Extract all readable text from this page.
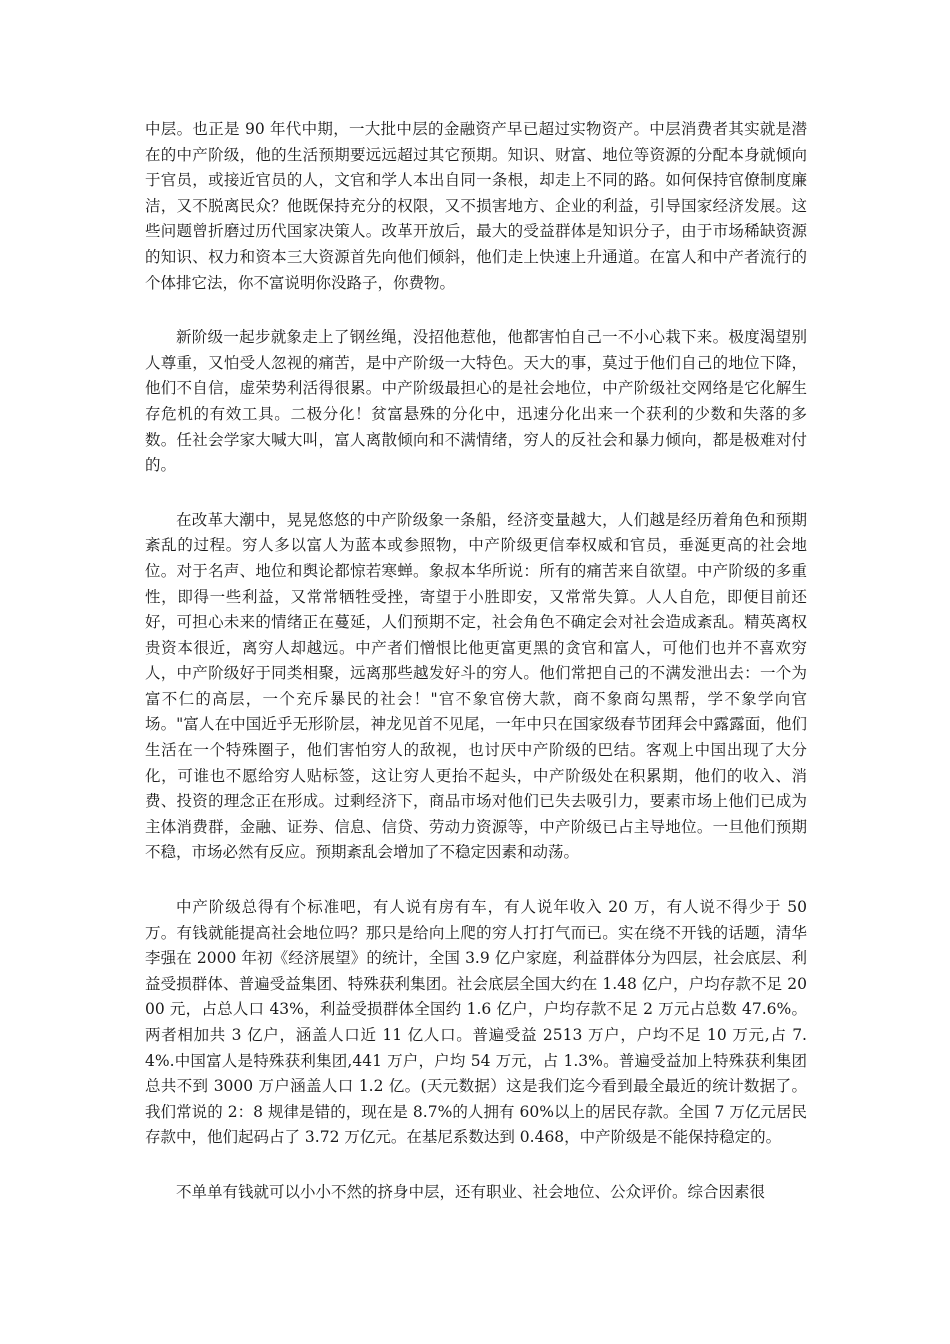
中层。也正是 90 年代中期，一大批中层的金融资产早已超过实物资产。中层消费者其实就是潜在的中产阶级，他的生活预期要远远超过其它预期。知识、财富、地位等资源的分配本身就倾向于官员，或接近官员的人，文官和学人本出自同一条根，却走上不同的路。如何保持官僚制度廉洁，又不脱离民众？他既保持充分的权限，又不损害地方、企业的利益，引导国家经济发展。这些问题曾折磨过历代国家决策人。改革开放后，最大的受益群体是知识分子，由于市场稀缺资源的知识、权力和资本三大资源首先向他们倾斜，他们走上快速上升通道。在富人和中产者流行的个体排它法，你不富说明你没路子，你费物。

新阶级一起步就象走上了钢丝绳，没招他惹他，他都害怕自己一不小心栽下来。极度渴望别人尊重，又怕受人忽视的痛苦，是中产阶级一大特色。天大的事，莫过于他们自己的地位下降，他们不自信，虚荣势利活得很累。中产阶级最担心的是社会地位，中产阶级社交网络是它化解生存危机的有效工具。二极分化！贫富悬殊的分化中，迅速分化出来一个获利的少数和失落的多数。任社会学家大喊大叫，富人离散倾向和不满情绪，穷人的反社会和暴力倾向，都是极难对付的。

在改革大潮中，晃晃悠悠的中产阶级象一条船，经济变量越大，人们越是经历着角色和预期紊乱的过程。穷人多以富人为蓝本或参照物，中产阶级更信奉权威和官员，垂涎更高的社会地位。对于名声、地位和舆论都惊若寒蝉。象叔本华所说：所有的痛苦来自欲望。中产阶级的多重性，即得一些利益，又常常牺牲受挫，寄望于小胜即安，又常常失算。人人自危，即便目前还好，可担心未来的情绪正在蔓延，人们预期不定，社会角色不确定会对社会造成紊乱。精英离权贵资本很近，离穷人却越远。中产者们憎恨比他更富更黑的贪官和富人，可他们也并不喜欢穷人，中产阶级好于同类相聚，远离那些越发好斗的穷人。他们常把自己的不满发泄出去：一个为富不仁的高层，一个充斥暴民的社会！"官不象官傍大款，商不象商勾黑帮，学不象学向官场。"富人在中国近乎无形阶层，神龙见首不见尾，一年中只在国家级春节团拜会中露露面，他们生活在一个特殊圈子，他们害怕穷人的敌视，也讨厌中产阶级的巴结。客观上中国出现了大分化，可谁也不愿给穷人贴标签，这让穷人更抬不起头，中产阶级处在积累期，他们的收入、消费、投资的理念正在形成。过剩经济下，商品市场对他们已失去吸引力，要素市场上他们已成为主体消费群，金融、证券、信息、信贷、劳动力资源等，中产阶级已占主导地位。一旦他们预期不稳，市场必然有反应。预期紊乱会增加了不稳定因素和动荡。

中产阶级总得有个标准吧，有人说有房有车，有人说年收入 20 万，有人说不得少于 50 万。有钱就能提高社会地位吗？那只是给向上爬的穷人打打气而已。实在绕不开钱的话题，清华李强在 2000 年初《经济展望》的统计，全国 3.9 亿户家庭，利益群体分为四层，社会底层、利益受损群体、普遍受益集团、特殊获利集团。社会底层全国大约在 1.48 亿户，户均存款不足 2000 元，占总人口 43%，利益受损群体全国约 1.6 亿户，户均存款不足 2 万元占总数 47.6%。两者相加共 3 亿户，涵盖人口近 11 亿人口。普遍受益 2513 万户，户均不足 10 万元,占 7.4%.中国富人是特殊获利集团,441 万户，户均 54 万元，占 1.3%。普遍受益加上特殊获利集团总共不到 3000 万户涵盖人口 1.2 亿。(天元数据）这是我们迄今看到最全最近的统计数据了。我们常说的 2：8 规律是错的，现在是 8.7%的人拥有 60%以上的居民存款。全国 7 万亿元居民存款中，他们起码占了 3.72 万亿元。在基尼系数达到 0.468，中产阶级是不能保持稳定的。

不单单有钱就可以小小不然的挤身中层，还有职业、社会地位、公众评价。综合因素很
